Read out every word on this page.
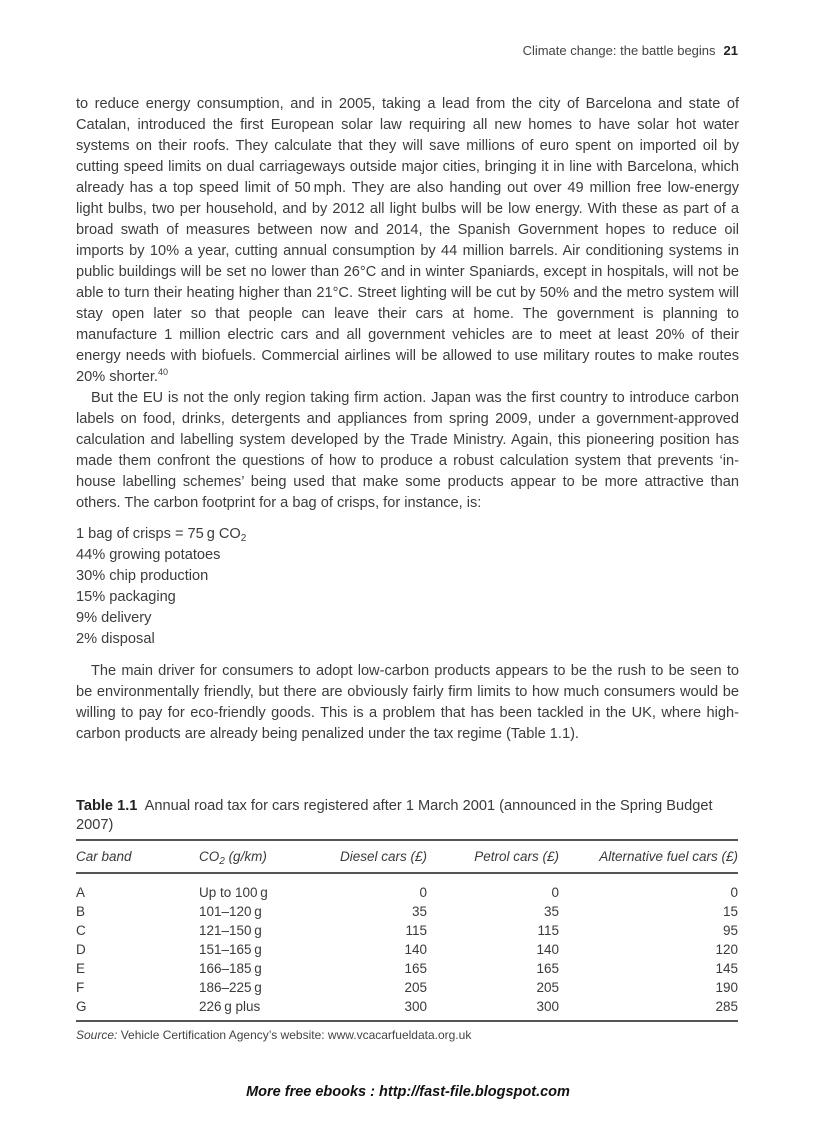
Climate change: the battle begins 21

to reduce energy consumption, and in 2005, taking a lead from the city of Barcelona and state of Catalan, introduced the first European solar law requiring all new homes to have solar hot water systems on their roofs. They calculate that they will save millions of euro spent on imported oil by cutting speed limits on dual carriageways outside major cities, bringing it in line with Barcelona, which already has a top speed limit of 50 mph. They are also handing out over 49 million free low-energy light bulbs, two per household, and by 2012 all light bulbs will be low energy. With these as part of a broad swath of measures between now and 2014, the Spanish Government hopes to reduce oil imports by 10% a year, cutting annual consumption by 44 million barrels. Air conditioning systems in public buildings will be set no lower than 26°C and in winter Spaniards, except in hospitals, will not be able to turn their heating higher than 21°C. Street lighting will be cut by 50% and the metro system will stay open later so that people can leave their cars at home. The government is planning to manufacture 1 million electric cars and all government vehicles are to meet at least 20% of their energy needs with biofuels. Commercial airlines will be allowed to use military routes to make routes 20% shorter.$^{40}$

But the EU is not the only region taking firm action. Japan was the first country to introduce carbon labels on food, drinks, detergents and appliances from spring 2009, under a government-approved calculation and labelling system developed by the Trade Ministry. Again, this pioneering position has made them confront the questions of how to produce a robust calculation system that prevents ‘in-house labelling schemes’ being used that make some products appear to be more attractive than others. The carbon footprint for a bag of crisps, for instance, is:

1 bag of crisps = 75 g $CO_2$
44% growing potatoes
30% chip production
15% packaging
9% delivery
2% disposal

The main driver for consumers to adopt low-carbon products appears to be the rush to be seen to be environmentally friendly, but there are obviously fairly firm limits to how much consumers would be willing to pay for eco-friendly goods. This is a problem that has been tackled in the UK, where high-carbon products are already being penalized under the tax regime (Table 1.1).

Table 1.1 Annual road tax for cars registered after 1 March 2001 (announced in the Spring Budget 2007)

Car band	$CO_2$ (g/km)	Diesel cars (£)	Petrol cars (£)	Alternative fuel cars (£)
A	Up to 100 g	0	0	0
B	101–120 g	35	35	15
C	121–150 g	115	115	95
D	151–165 g	140	140	120
E	166–185 g	165	165	145
F	186–225 g	205	205	190
G	226 g plus	300	300	285
Source: Vehicle Certification Agency’s website: www.vcacarfueldata.org.uk
More free ebooks : http://fast-file.blogspot.com
